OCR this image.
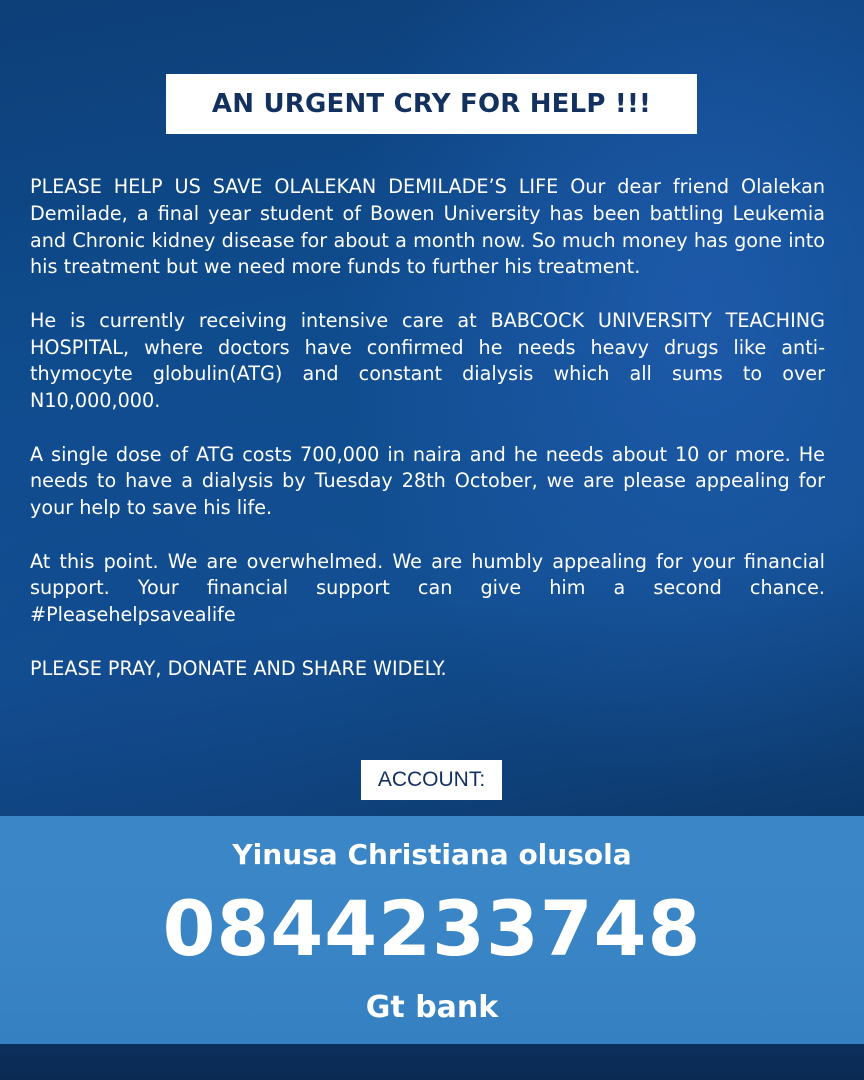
AN URGENT CRY FOR HELP !!!

PLEASE HELP US SAVE OLALEKAN DEMILADE’S LIFE Our dear friend Olalekan Demilade, a final year student of Bowen University has been battling Leukemia and Chronic kidney disease for about a month now. So much money has gone into his treatment but we need more funds to further his treatment.

He is currently receiving intensive care at BABCOCK UNIVERSITY TEACHING HOSPITAL, where doctors have confirmed he needs heavy drugs like anti-thymocyte globulin(ATG) and constant dialysis which all sums to over N10,000,000.

A single dose of ATG costs 700,000 in naira and he needs about 10 or more. He needs to have a dialysis by Tuesday 28th October, we are please appealing for your help to save his life.

At this point. We are overwhelmed. We are humbly appealing for your financial support. Your financial support can give him a second chance. #Pleasehelpsavealife

PLEASE PRAY, DONATE AND SHARE WIDELY.

ACCOUNT:
Yinusa Christiana olusola
0844233748
Gt bank
